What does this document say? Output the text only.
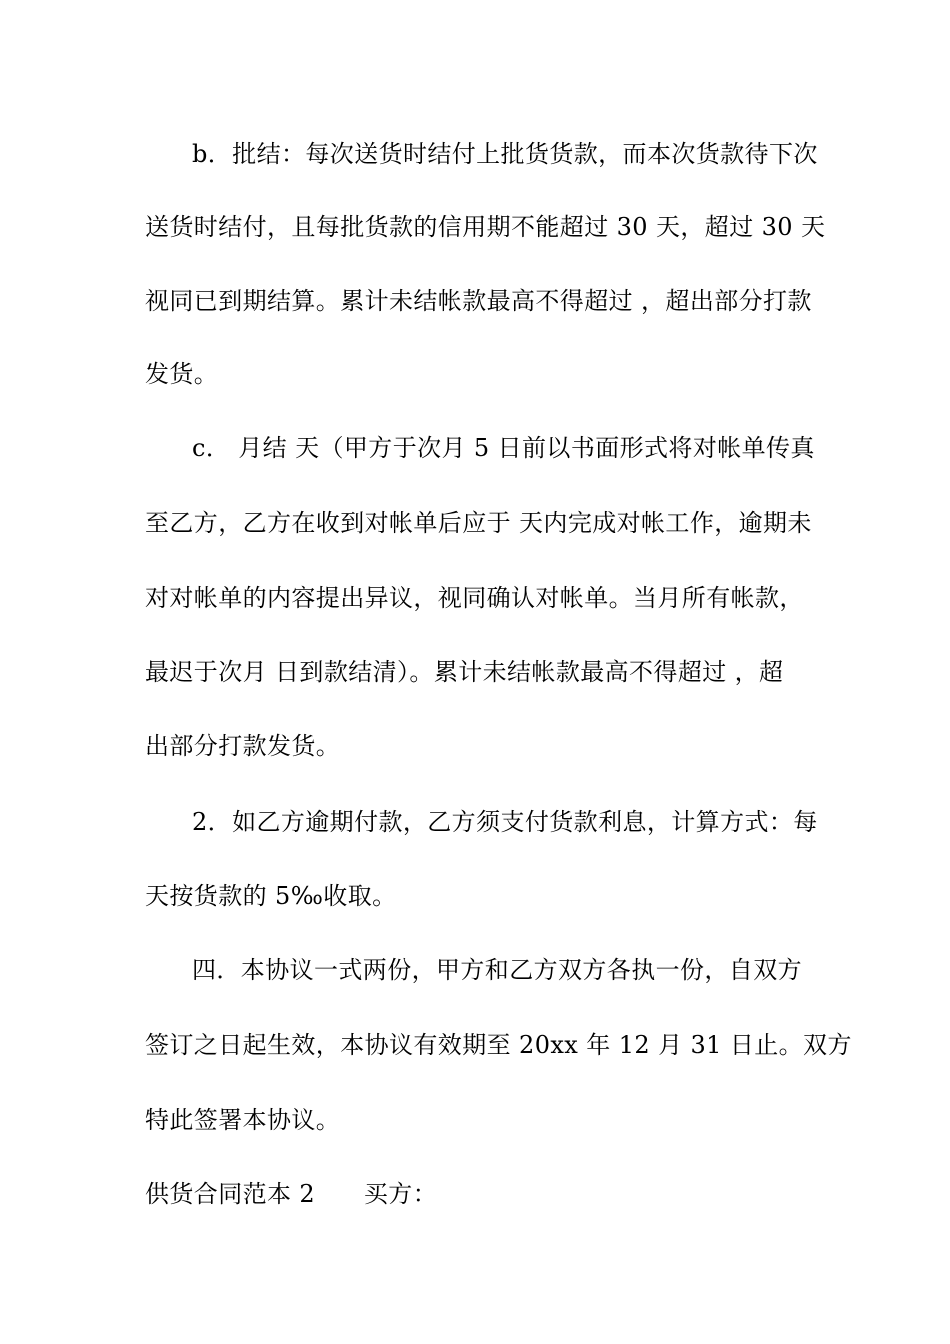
b．批结：每次送货时结付上批货货款，而本次货款待下次
送货时结付，且每批货款的信用期不能超过 30 天，超过 30 天
视同已到期结算。累计未结帐款最高不得超过 ，超出部分打款
发货。
c． 月结 天（甲方于次月 5 日前以书面形式将对帐单传真
至乙方，乙方在收到对帐单后应于 天内完成对帐工作，逾期未
对对帐单的内容提出异议，视同确认对帐单。当月所有帐款，
最迟于次月 日到款结清）。累计未结帐款最高不得超过 ，超
出部分打款发货。
2．如乙方逾期付款，乙方须支付货款利息，计算方式：每
天按货款的 5‰收取。
四．本协议一式两份，甲方和乙方双方各执一份，自双方
签订之日起生效，本协议有效期至 20xx 年 12 月 31 日止。双方
特此签署本协议。
供货合同范本 2　　买方：
